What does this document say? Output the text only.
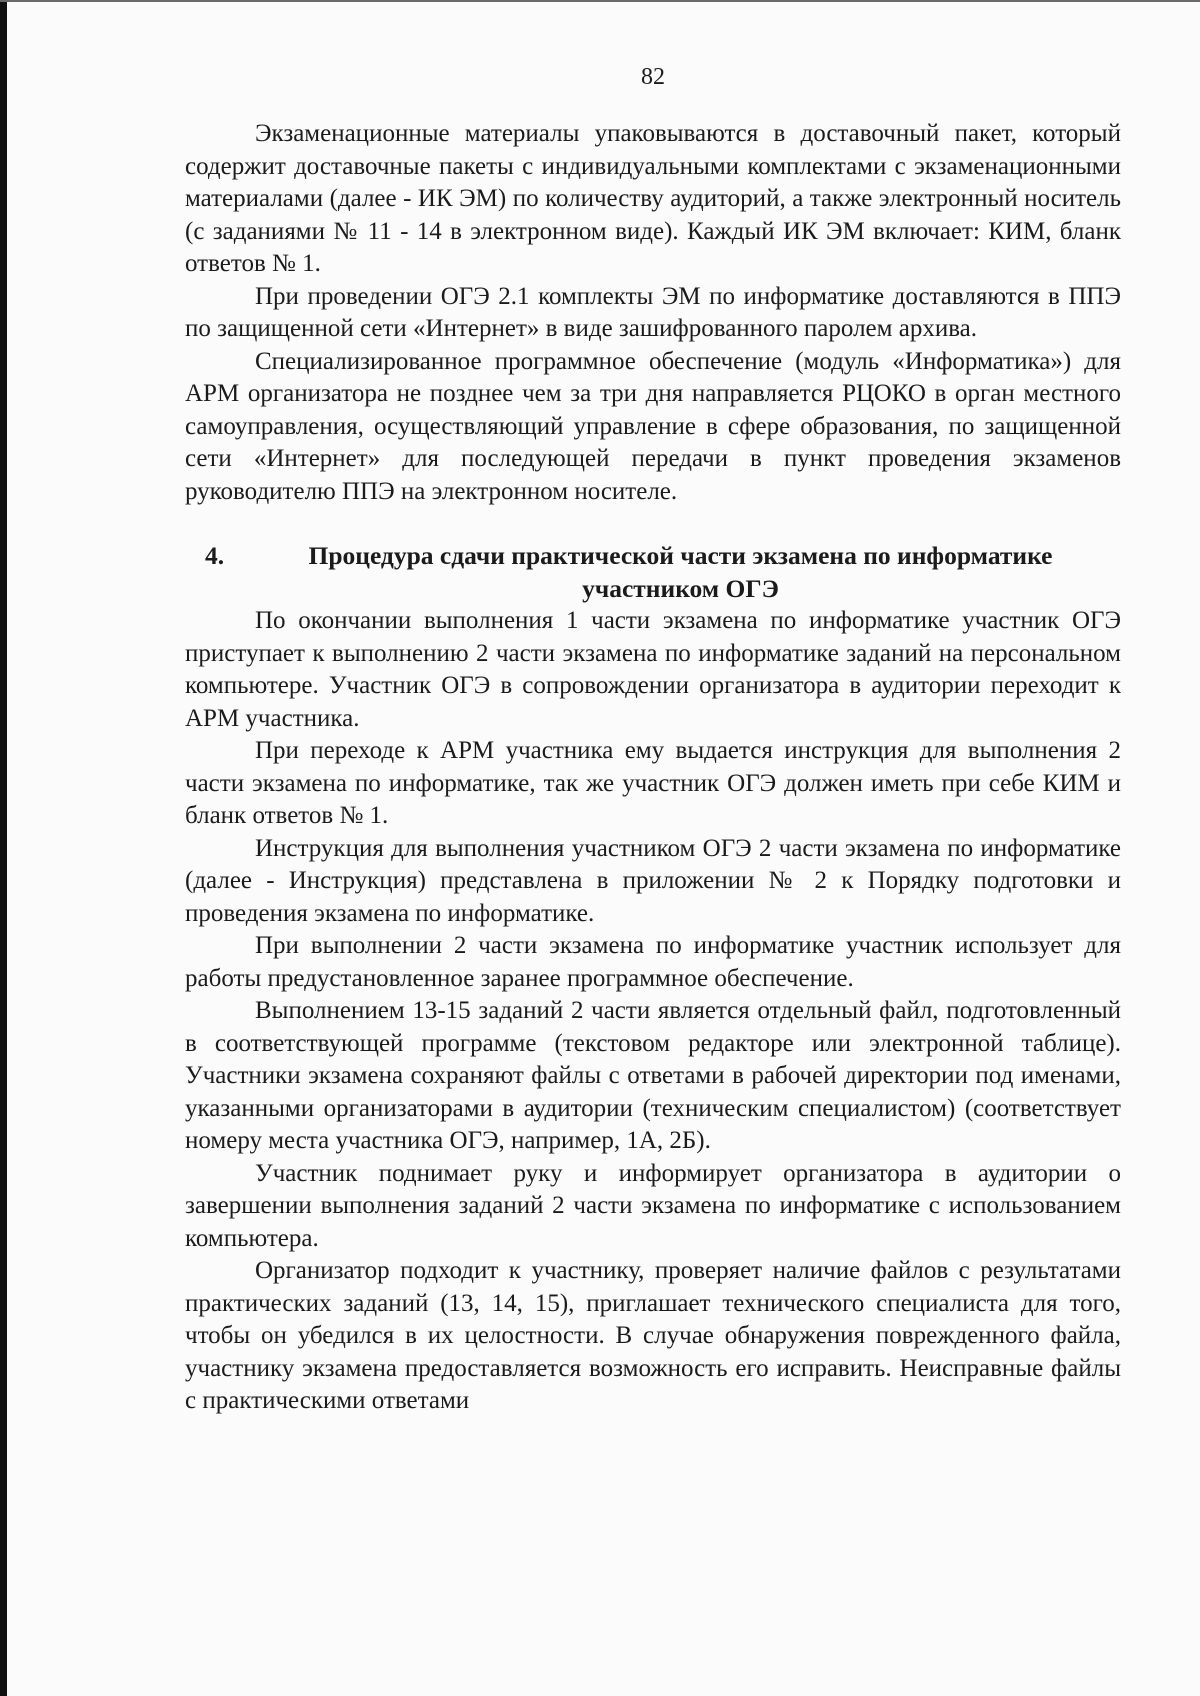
82

Экзаменационные материалы упаковываются в доставочный пакет, который содержит доставочные пакеты с индивидуальными комплектами с экзаменационными материалами (далее - ИК ЭМ) по количеству аудиторий, а также электронный носитель (с заданиями № 11 - 14 в электронном виде). Каждый ИК ЭМ включает: КИМ, бланк ответов № 1.

При проведении ОГЭ 2.1 комплекты ЭМ по информатике доставляются в ППЭ по защищенной сети «Интернет» в виде зашифрованного паролем архива.

Специализированное программное обеспечение (модуль «Информатика») для АРМ организатора не позднее чем за три дня направляется РЦОКО в орган местного самоуправления, осуществляющий управление в сфере образования, по защищенной сети «Интернет» для последующей передачи в пункт проведения экзаменов руководителю ППЭ на электронном носителе.

4.	Процедура сдачи практической части экзамена по информатике участником ОГЭ

По окончании выполнения 1 части экзамена по информатике участник ОГЭ приступает к выполнению 2 части экзамена по информатике заданий на персональном компьютере. Участник ОГЭ в сопровождении организатора в аудитории переходит к АРМ участника.

При переходе к АРМ участника ему выдается инструкция для выполнения 2 части экзамена по информатике, так же участник ОГЭ должен иметь при себе КИМ и бланк ответов № 1.

Инструкция для выполнения участником ОГЭ 2 части экзамена по информатике (далее - Инструкция) представлена в приложении № 2 к Порядку подготовки и проведения экзамена по информатике.

При выполнении 2 части экзамена по информатике участник использует для работы предустановленное заранее программное обеспечение.

Выполнением 13-15 заданий 2 части является отдельный файл, подготовленный в соответствующей программе (текстовом редакторе или электронной таблице). Участники экзамена сохраняют файлы с ответами в рабочей директории под именами, указанными организаторами в аудитории (техническим специалистом) (соответствует номеру места участника ОГЭ, например, 1А, 2Б).

Участник поднимает руку и информирует организатора в аудитории о завершении выполнения заданий 2 части экзамена по информатике с использованием компьютера.

Организатор подходит к участнику, проверяет наличие файлов с результатами практических заданий (13, 14, 15), приглашает технического специалиста для того, чтобы он убедился в их целостности. В случае обнаружения поврежденного файла, участнику экзамена предоставляется возможность его исправить. Неисправные файлы с практическими ответами
